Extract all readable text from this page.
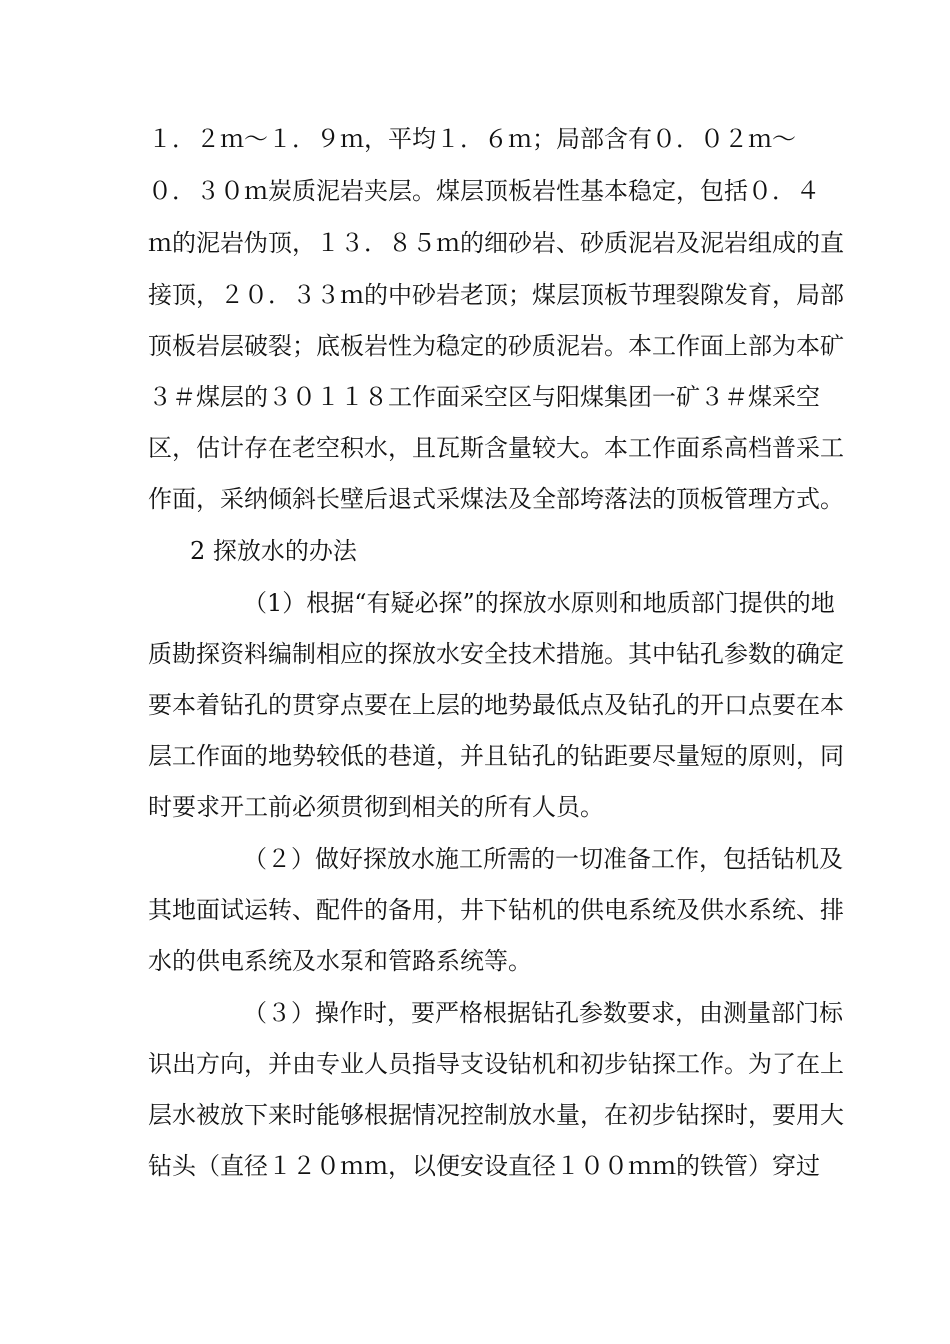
１．２ｍ～１．９ｍ，平均１．６ｍ；局部含有０．０２ｍ～
０．３０ｍ炭质泥岩夹层。煤层顶板岩性基本稳定，包括０．４
ｍ的泥岩伪顶，１３．８５ｍ的细砂岩、砂质泥岩及泥岩组成的直
接顶，２０．３３ｍ的中砂岩老顶；煤层顶板节理裂隙发育，局部
顶板岩层破裂；底板岩性为稳定的砂质泥岩。本工作面上部为本矿
３＃煤层的３０１１８工作面采空区与阳煤集团一矿３＃煤采空
区，估计存在老空积水，且瓦斯含量较大。本工作面系高档普采工
作面，采纳倾斜长壁后退式采煤法及全部垮落法的顶板管理方式。
2 探放水的办法
（1）根据“有疑必探”的探放水原则和地质部门提供的地
质勘探资料编制相应的探放水安全技术措施。其中钻孔参数的确定
要本着钻孔的贯穿点要在上层的地势最低点及钻孔的开口点要在本
层工作面的地势较低的巷道，并且钻孔的钻距要尽量短的原则，同
时要求开工前必须贯彻到相关的所有人员。
（２）做好探放水施工所需的一切准备工作，包括钻机及
其地面试运转、配件的备用，井下钻机的供电系统及供水系统、排
水的供电系统及水泵和管路系统等。
（３）操作时，要严格根据钻孔参数要求，由测量部门标
识出方向，并由专业人员指导支设钻机和初步钻探工作。为了在上
层水被放下来时能够根据情况控制放水量，在初步钻探时，要用大
钻头（直径１２０ｍｍ，以便安设直径１００ｍｍ的铁管）穿过
